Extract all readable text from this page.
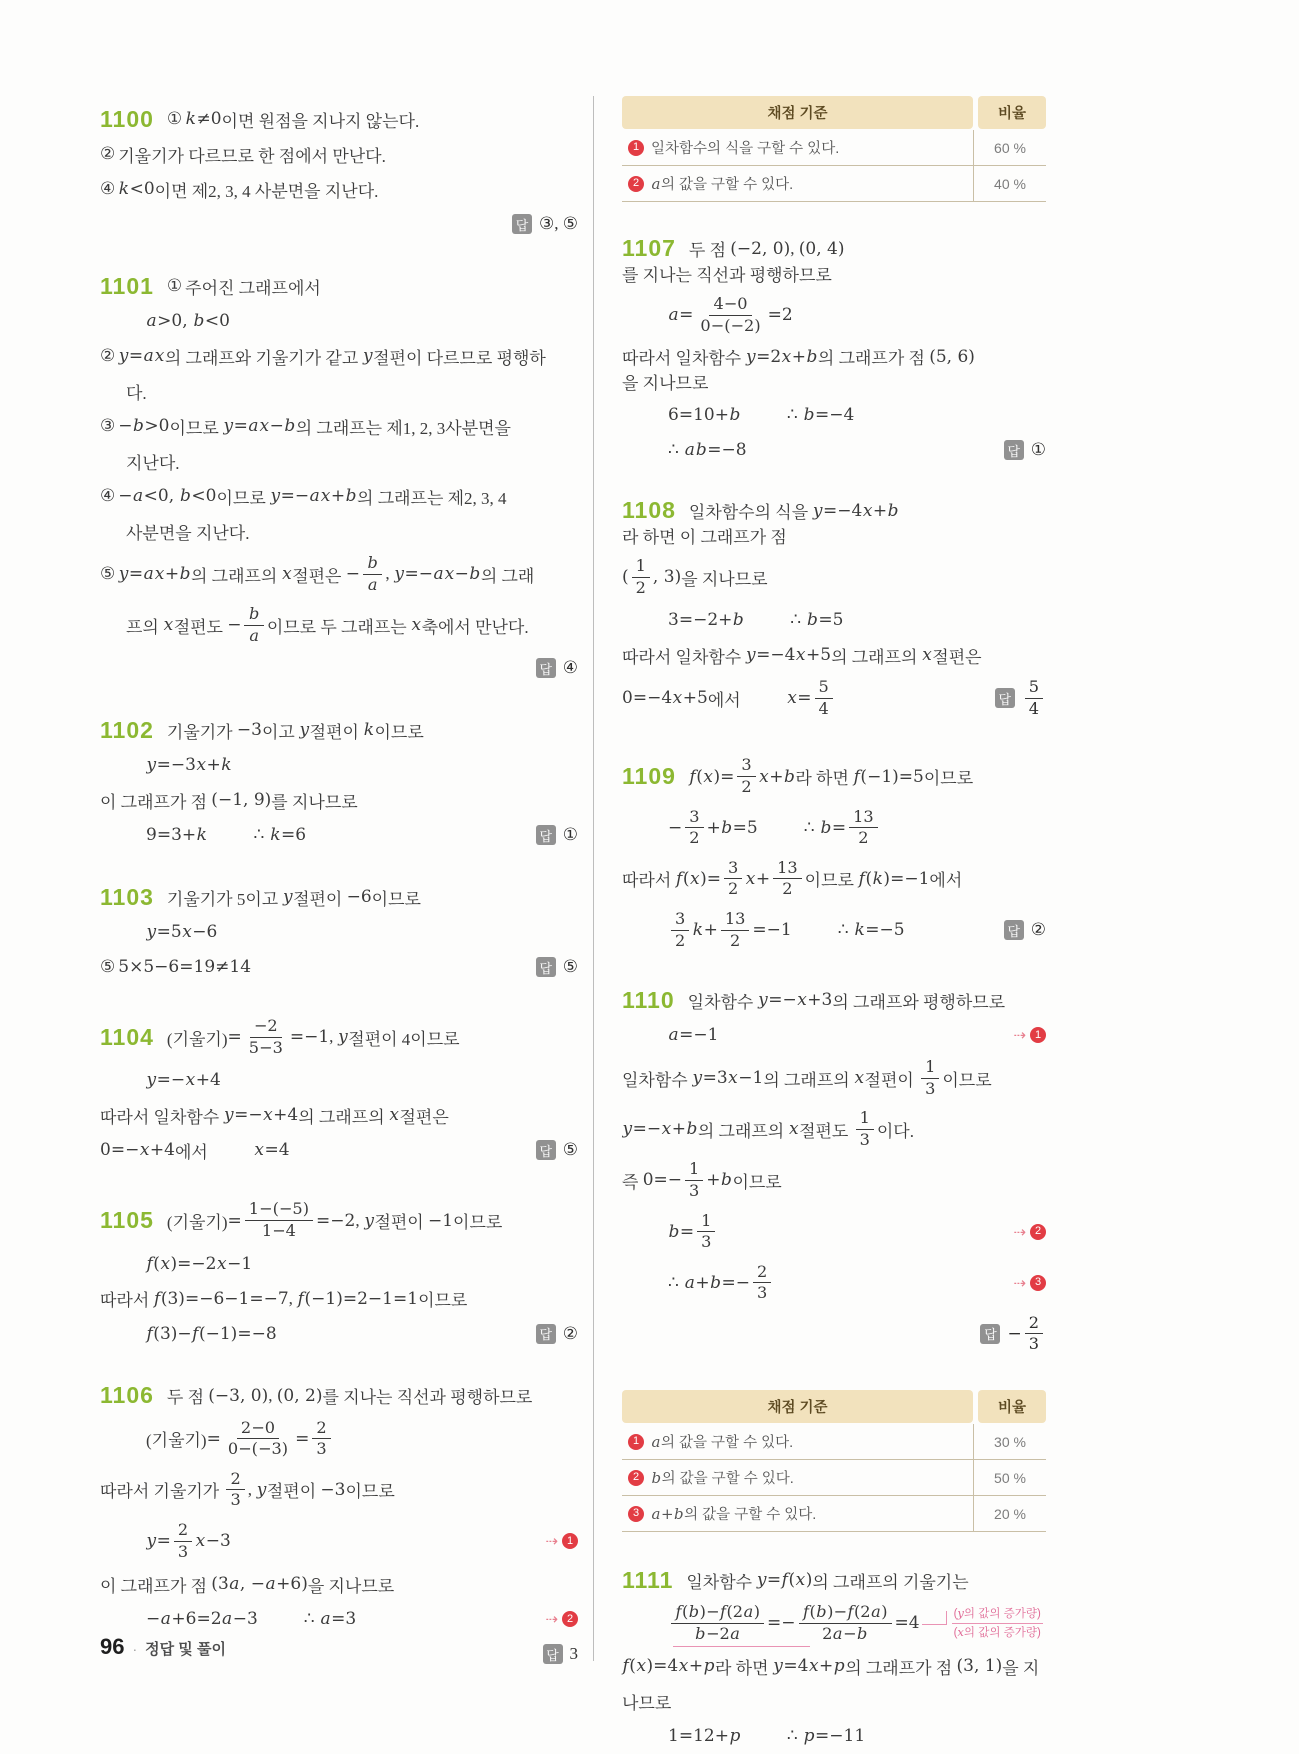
1100 ① k≠0 이면 원점을 지나지 않는다.
② 기울기가 다르므로 한 점에서 만난다.
④ k<0 이면 제2, 3, 4 사분면을 지난다.
답 ③, ⑤
1101 ① 주어진 그래프에서
a>0, b<0
② y=ax 의 그래프와 기울기가 같고 y 절편이 다르므로 평행하
다.
③ −b>0 이므로 y=ax−b 의 그래프는 제1, 2, 3사분면을
지난다.
④ −a<0, b<0 이므로 y=−ax+b 의 그래프는 제2, 3, 4
사분면을 지난다.
⑤ y=ax+b 의 그래프의 x 절편은 − $\frac{b}{a}$ , y=−ax−b 의 그래
프의 x 절편도 − $\frac{b}{a}$ 이므로 두 그래프는 x 축에서 만난다.
답 ④
1102 기울기가 −3 이고 y 절편이 k 이므로
y=−3x+k
이 그래프가 점 (−1, 9) 를 지나므로
9=3+k	∴ k=6	답 ①
1103 기울기가 5이고 y 절편이 −6 이므로
y=5x−6
⑤ 5×5−6=19≠14	답 ⑤
1104 (기울기) = $\frac{-2}{5-3} =-1$ , y 절편이 4이므로
y=−x+4
따라서 일차함수 y=−x+4 의 그래프의 x 절편은
0=−x+4 에서	x=4	답 ⑤
1105 (기울기) = $\frac{1-(-5)}{1-4} =-2$ , y 절편이 −1 이므로
f(x)=−2x−1
따라서 f(3)=−6−1=−7 , f(−1)=2−1=1 이므로
f(3)−f(−1)=−8	답 ②
1106 두 점 (−3, 0) , (0, 2) 를 지나는 직선과 평행하므로
(기울기) = $\frac{2-0}{0-(-3)} = \frac{2}{3}$
따라서 기울기가 $\frac{2}{3}$ , y 절편이 −3 이므로
$y= \frac{2}{3} x-3$	⇢ 1
이 그래프가 점 (3a, −a+6) 을 지나므로
−a+6=2a−3	∴ a=3	⇢ 2
답 3
채점 기준	비율
1 일차함수의 식을 구할 수 있다.	60 %
2 a의 값을 구할 수 있다.	40 %
1107 두 점 (−2, 0) , (0, 4)
를 지나는 직선과 평행하므로
$a= \frac{4-0}{0-(-2)} =2$
따라서 일차함수 y=2x+b 의 그래프가 점 (5, 6)
을 지나므로
6=10+b	∴ b=−4
∴ ab=−8	답 ①
1108 일차함수의 식을 y=−4x+b
라 하면 이 그래프가 점
( $\frac{1}{2}$ , 3) 을 지나므로
3=−2+b	∴ b=5
따라서 일차함수 y=−4x+5 의 그래프의 x 절편은
0=−4x+5 에서	$x= \frac{5}{4}$	답 $\frac{5}{4}$
1109 $f(x)= \frac{3}{2} x+b$ 라 하면 f(−1)=5 이므로
− $\frac{3}{2} +b=5$	∴ $b= \frac{13}{2}$
따라서 $f(x)= \frac{3}{2} x+ \frac{13}{2}$ 이므로 f(k)=−1 에서
$\frac{3}{2} k+ \frac{13}{2} =-1$	∴ k=−5	답 ②
1110 일차함수 y=−x+3 의 그래프와 평행하므로
a=−1	⇢ 1
일차함수 y=3x−1 의 그래프의 x 절편이 $\frac{1}{3}$ 이므로
y=−x+b 의 그래프의 x 절편도 $\frac{1}{3}$ 이다.
즉 $0=- \frac{1}{3} +b$ 이므로
$b= \frac{1}{3}$	⇢ 2
∴ $a+b=- \frac{2}{3}$	⇢ 3
답 − $\frac{2}{3}$
채점 기준	비율
1 a의 값을 구할 수 있다.	30 %
2 b의 값을 구할 수 있다.	50 %
3 a+b의 값을 구할 수 있다.	20 %
1111 일차함수 y=f(x) 의 그래프의 기울기는
$\frac{f(b)-f(2a)}{b-2a} =- \frac{f(b)-f(2a)}{2a-b} =4$	$\frac{\text{(y의 값의 증가량)}}{\text{(x의 값의 증가량)}}$
f(x)=4x+p 라 하면 y=4x+p 의 그래프가 점 (3, 1) 을 지
나므로
1=12+p	∴ p=−11
96 · 정답 및 풀이
